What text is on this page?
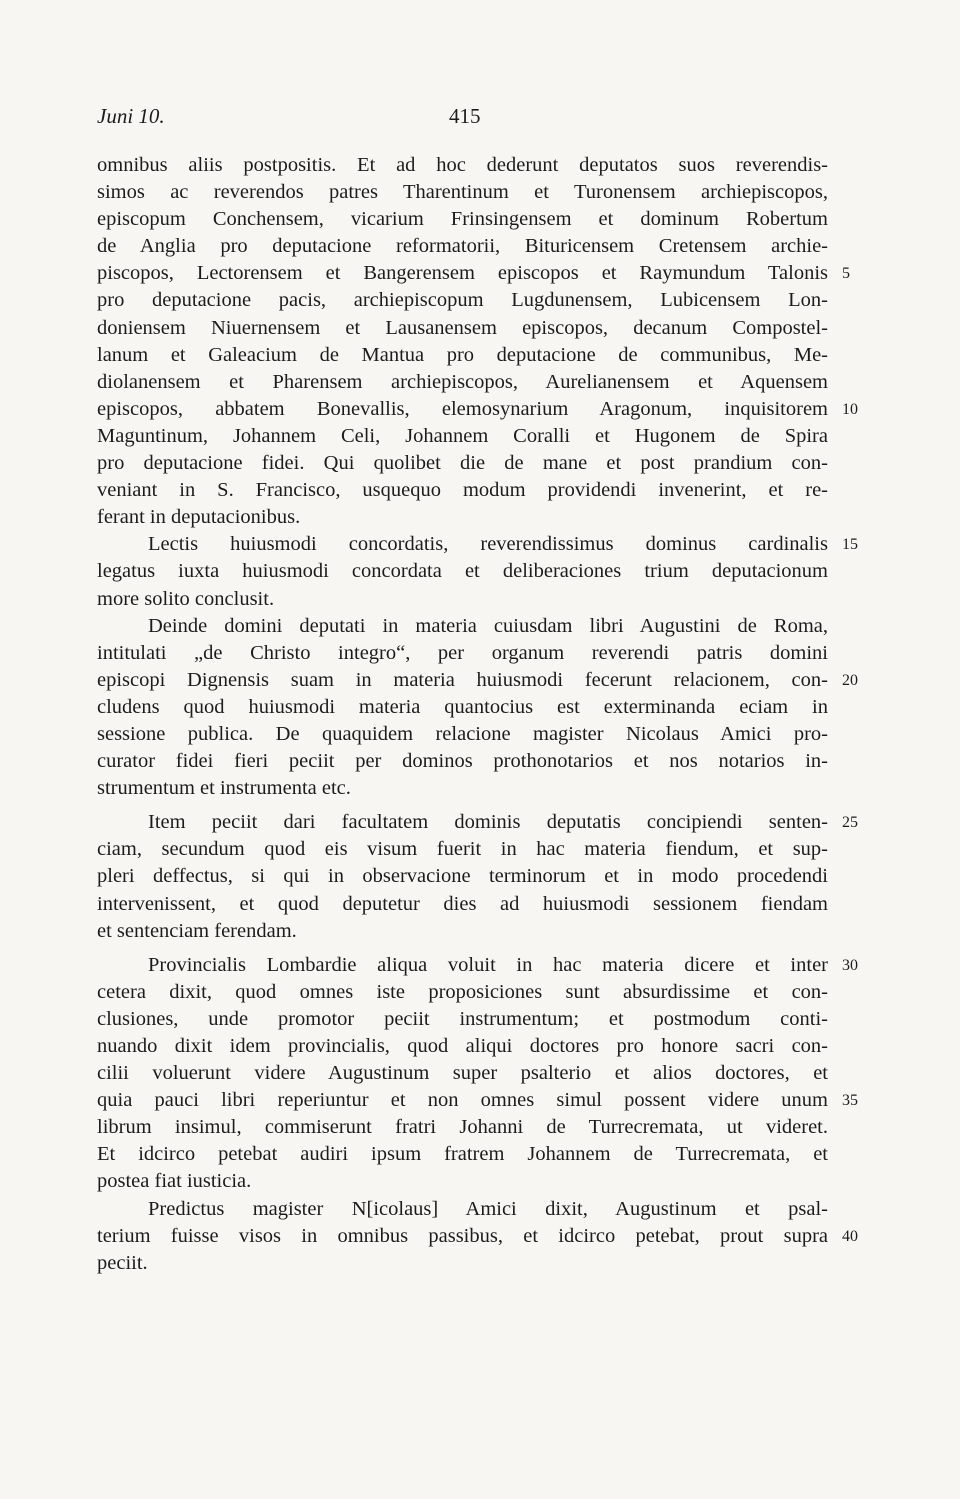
Juni 10.	415
omnibus aliis postpositis. Et ad hoc dederunt deputatos suos reverendis-
simos ac reverendos patres Tharentinum et Turonensem archiepiscopos,
episcopum Conchensem, vicarium Frinsingensem et dominum Robertum
de Anglia pro deputacione reformatorii, Bituricensem Cretensem archie-
piscopos, Lectorensem et Bangerensem episcopos et Raymundum Talonis 5
pro deputacione pacis, archiepiscopum Lugdunensem, Lubicensem Lon-
doniensem Niuernensem et Lausanensem episcopos, decanum Compostel-
lanum et Galeacium de Mantua pro deputacione de communibus, Me-
diolanensem et Pharensem archiepiscopos, Aurelianensem et Aquensem
episcopos, abbatem Bonevallis, elemosynarium Aragonum, inquisitorem 10
Maguntinum, Johannem Celi, Johannem Coralli et Hugonem de Spira
pro deputacione fidei. Qui quolibet die de mane et post prandium con-
veniant in S. Francisco, usquequo modum providendi invenerint, et re-
ferant in deputacionibus.
Lectis huiusmodi concordatis, reverendissimus dominus cardinalis 15
legatus iuxta huiusmodi concordata et deliberaciones trium deputacionum
more solito conclusit.
Deinde domini deputati in materia cuiusdam libri Augustini de Roma,
intitulati „de Christo integro“, per organum reverendi patris domini
episcopi Dignensis suam in materia huiusmodi fecerunt relacionem, con- 20
cludens quod huiusmodi materia quantocius est exterminanda eciam in
sessione publica. De quaquidem relacione magister Nicolaus Amici pro-
curator fidei fieri peciit per dominos prothonotarios et nos notarios in-
strumentum et instrumenta etc.
Item peciit dari facultatem dominis deputatis concipiendi senten- 25
ciam, secundum quod eis visum fuerit in hac materia fiendum, et sup-
pleri deffectus, si qui in observacione terminorum et in modo procedendi
intervenissent, et quod deputetur dies ad huiusmodi sessionem fiendam
et sentenciam ferendam.
Provincialis Lombardie aliqua voluit in hac materia dicere et inter 30
cetera dixit, quod omnes iste proposiciones sunt absurdissime et con-
clusiones, unde promotor peciit instrumentum; et postmodum conti-
nuando dixit idem provincialis, quod aliqui doctores pro honore sacri con-
cilii voluerunt videre Augustinum super psalterio et alios doctores, et
quia pauci libri reperiuntur et non omnes simul possent videre unum 35
librum insimul, commiserunt fratri Johanni de Turrecremata, ut videret.
Et idcirco petebat audiri ipsum fratrem Johannem de Turrecremata, et
postea fiat iusticia.
Predictus magister N[icolaus] Amici dixit, Augustinum et psal-
terium fuisse visos in omnibus passibus, et idcirco petebat, prout supra 40
peciit.
